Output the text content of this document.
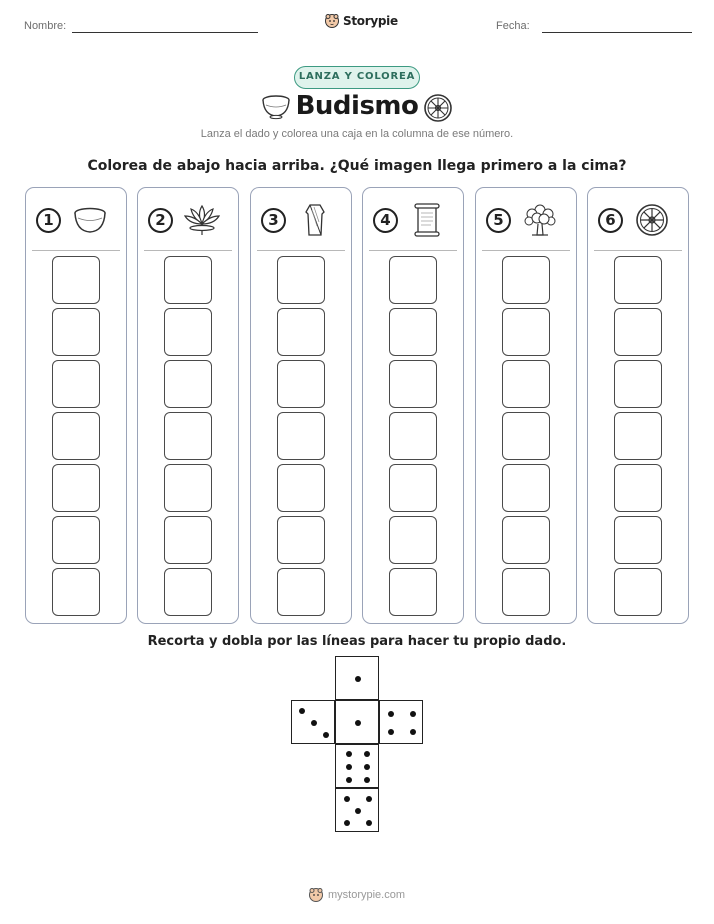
Nombre:	Storypie	Fecha:
LANZA Y COLOREA
Budismo
Lanza el dado y colorea una caja en la columna de ese número.
Colorea de abajo hacia arriba. ¿Qué imagen llega primero a la cima?
1	2	3	4	5	6
Recorta y dobla por las líneas para hacer tu propio dado.
mystorypie.com
